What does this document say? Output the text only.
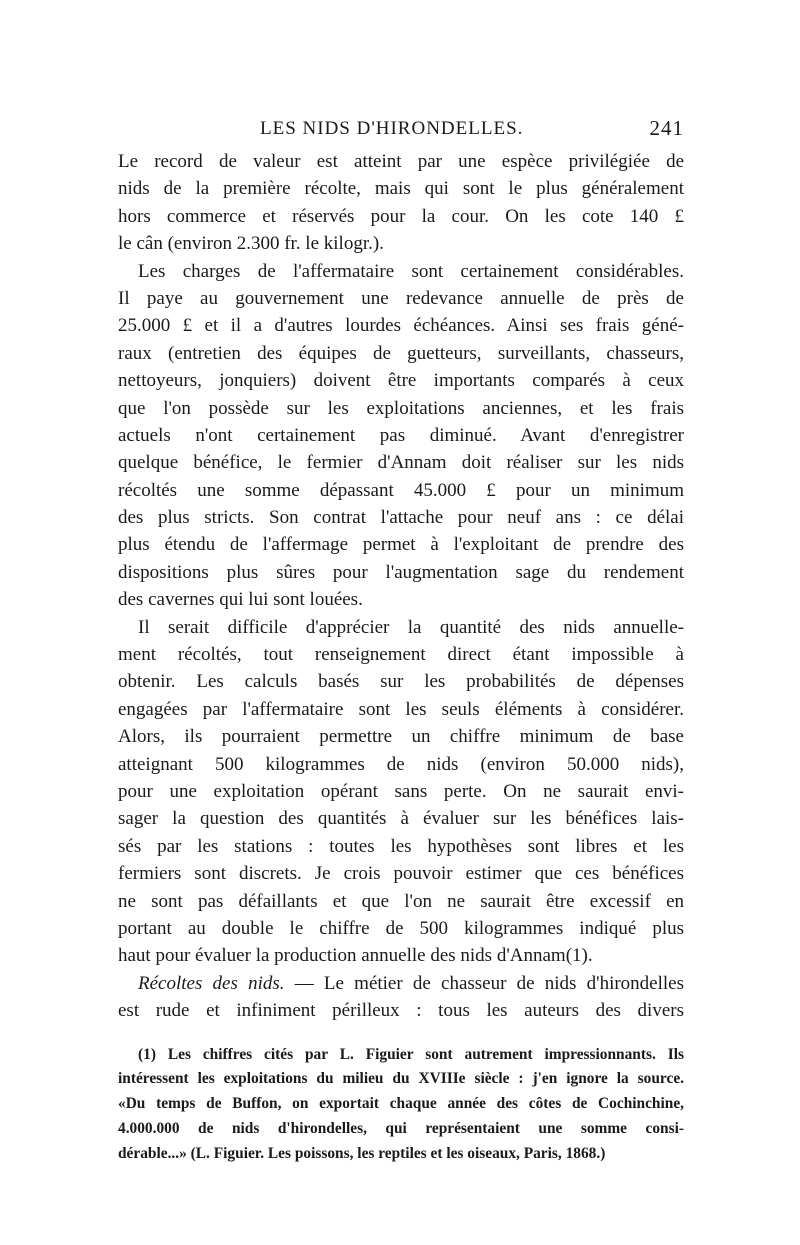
LES NIDS D'HIRONDELLES.	241
Le record de valeur est atteint par une espèce privilégiée de
nids de la première récolte, mais qui sont le plus généralement
hors commerce et réservés pour la cour. On les cote 140 £
le cân (environ 2.300 fr. le kilogr.).
Les charges de l'affermataire sont certainement considérables.
Il paye au gouvernement une redevance annuelle de près de
25.000 £ et il a d'autres lourdes échéances. Ainsi ses frais géné-
raux (entretien des équipes de guetteurs, surveillants, chasseurs,
nettoyeurs, jonquiers) doivent être importants comparés à ceux
que l'on possède sur les exploitations anciennes, et les frais
actuels n'ont certainement pas diminué. Avant d'enregistrer
quelque bénéfice, le fermier d'Annam doit réaliser sur les nids
récoltés une somme dépassant 45.000 £ pour un minimum
des plus stricts. Son contrat l'attache pour neuf ans : ce délai
plus étendu de l'affermage permet à l'exploitant de prendre des
dispositions plus sûres pour l'augmentation sage du rendement
des cavernes qui lui sont louées.
Il serait difficile d'apprécier la quantité des nids annuelle-
ment récoltés, tout renseignement direct étant impossible à
obtenir. Les calculs basés sur les probabilités de dépenses
engagées par l'affermataire sont les seuls éléments à considérer.
Alors, ils pourraient permettre un chiffre minimum de base
atteignant 500 kilogrammes de nids (environ 50.000 nids),
pour une exploitation opérant sans perte. On ne saurait envi-
sager la question des quantités à évaluer sur les bénéfices lais-
sés par les stations : toutes les hypothèses sont libres et les
fermiers sont discrets. Je crois pouvoir estimer que ces bénéfices
ne sont pas défaillants et que l'on ne saurait être excessif en
portant au double le chiffre de 500 kilogrammes indiqué plus
haut pour évaluer la production annuelle des nids d'Annam(1).
Récoltes des nids. — Le métier de chasseur de nids d'hirondelles
est rude et infiniment périlleux : tous les auteurs des divers
(1) Les chiffres cités par L. Figuier sont autrement impressionnants. Ils
intéressent les exploitations du milieu du XVIIIe siècle : j'en ignore la source.
«Du temps de Buffon, on exportait chaque année des côtes de Cochinchine,
4.000.000 de nids d'hirondelles, qui représentaient une somme consi-
dérable...» (L. Figuier. Les poissons, les reptiles et les oiseaux, Paris, 1868.)
